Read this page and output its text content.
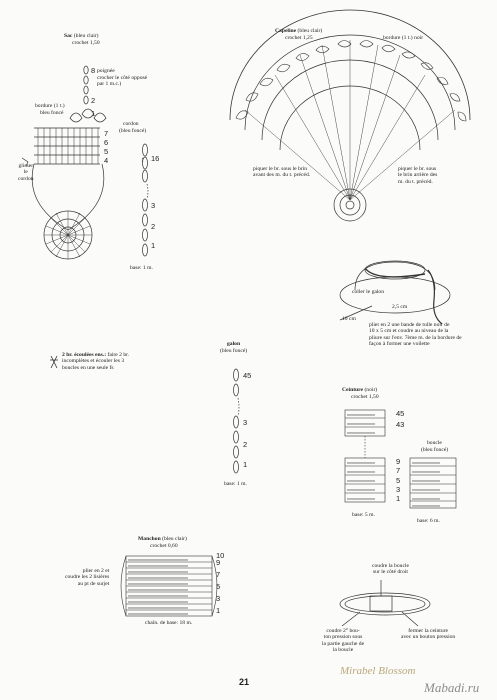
xxxxxxxxxxxxxx
xxxxxxxxxxxxxx
xxxxxxxxxxxxxx
xxxxxxxxxxxxxx
xxxxxxxxxxxxxx
xxxxxxxxxxxxxx
xxxxxxxxxxxxxx
xxxxxxxxxxxxxx
xxxxxxxxxxxxxx
xxxxxxxxxxxxxx
xxxxxxxxxxxxxx
xxxxxxxxxxxxxx
xxxxxxxxxxxxxx
xxxxxxxxxxxxxx
xxxxxxxxxxxxxxxxxxxxxxxxxxxxxx
xxxxxxxxxxxxxxxxxxxxxxxxxxxxxx
xxxxxxxxxxxxxxxxxxxxxxxxxxxxxx
xxxxxxxxxxxxxxxxxxxxxxxxxxxxxx
xxxxxxxxxxxxxxxxxxxxxxxxxxxxxx
xxxxxxxxxxxxxxxxxxxxxxxxxxxxxx
xxxxxxxxxxxxxxxxxxxxxxxxxxxxxx
xxxxxxxxxxxxxxxxxxxxxxxxxxxxxx
xxxxxxxxxxxxxxxxxxxxxxxxxxxxxx
xxxxxxxxxxxxxxxxxxxxxxxxxxxxxx
Sac (bleu clair)
crochet 1,50
poignée
crocher le côté opposé
par 1 m.c.)
bordure (1 t.)
bleu foncé
glisser
le
cordon
8
2
1
7
6
5
4
cordon
(bleu foncé)
16
3
2
1
base: 1 m.
Capeline (bleu clair)
crochet 1,25	bordure (1 t.) noir
piquer le br. sous le brin
avant des m. du t. précéd.
piquer le br. sous
le brin arrière des
m. du t. précéd.
coller le galon
2,5 cm
10 cm
plier en 2 une bande de tulle noir de
10 x 5 cm et coudre au niveau de la
pliure sur l'env. 7ème m. de la bordure de
façon à former une voilette
2 br. écoulées ens.: faire 2 br.
incomplètes et écouler les 3
boucles en une seule fs
galon
(bleu foncé)
45
3
2
1
base: 1 m.
Ceinture (noir)
crochet 1,50
45
43
9
7
5
3
1
base: 5 m.
boucle
(bleu foncé)
base: 6 m.
Manchon (bleu clair)
crochet 0,60
10
9
7
5
3
1
plier en 2 et
coudre les 2 lisières
au pt de surjet
chaîn. de base: 18 m.
coudre la boucle
sur le côté droit
coudre 2° bou-
ton pression sous
la partie gauche de
la boucle
fermer la ceinture
avec un bouton pression
21
Mirabel Blossom
Mabadi.ru
